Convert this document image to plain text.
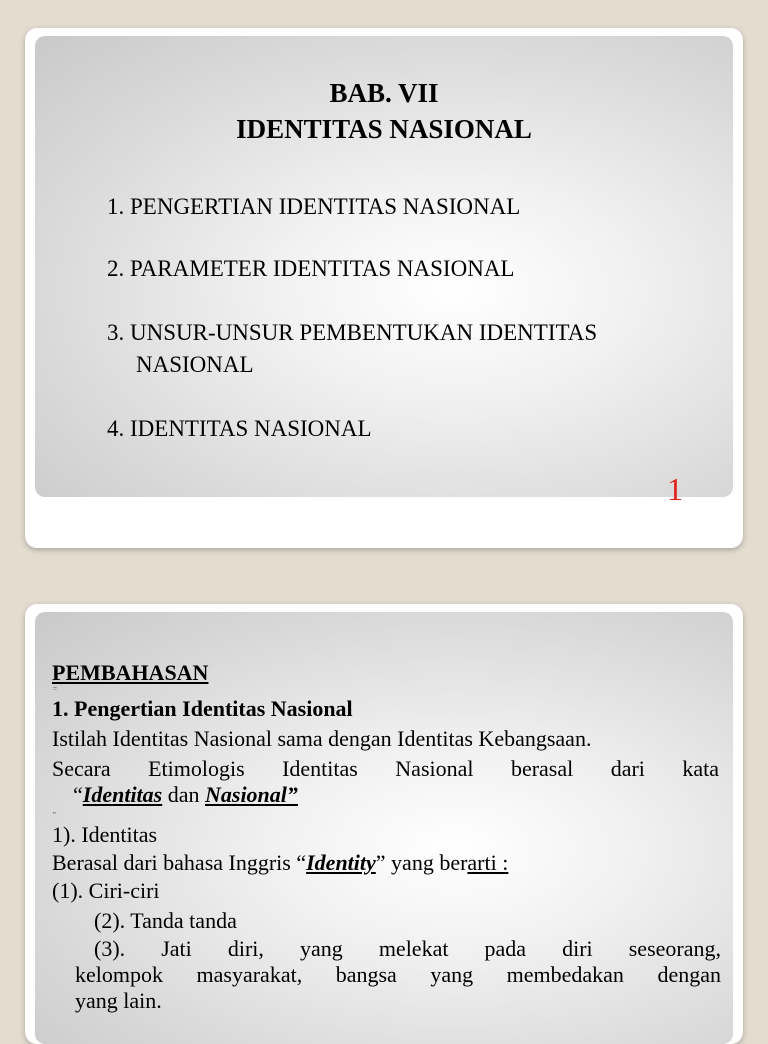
BAB. VII
IDENTITAS NASIONAL
1. PENGERTIAN IDENTITAS NASIONAL
2. PARAMETER IDENTITAS NASIONAL
3. UNSUR-UNSUR PEMBENTUKAN IDENTITAS
NASIONAL
4. IDENTITAS NASIONAL
1
PEMBAHASAN
=
1. Pengertian Identitas Nasional
Istilah Identitas Nasional sama dengan Identitas Kebangsaan.
Secara Etimologis Identitas Nasional berasal dari kata
“Identitas dan Nasional”
"
1). Identitas
Berasal dari bahasa Inggris “Identity” yang berarti :
(1). Ciri-ciri
(2). Tanda tanda
(3). Jati diri, yang melekat pada diri seseorang,
kelompok masyarakat, bangsa yang membedakan dengan
yang lain.
